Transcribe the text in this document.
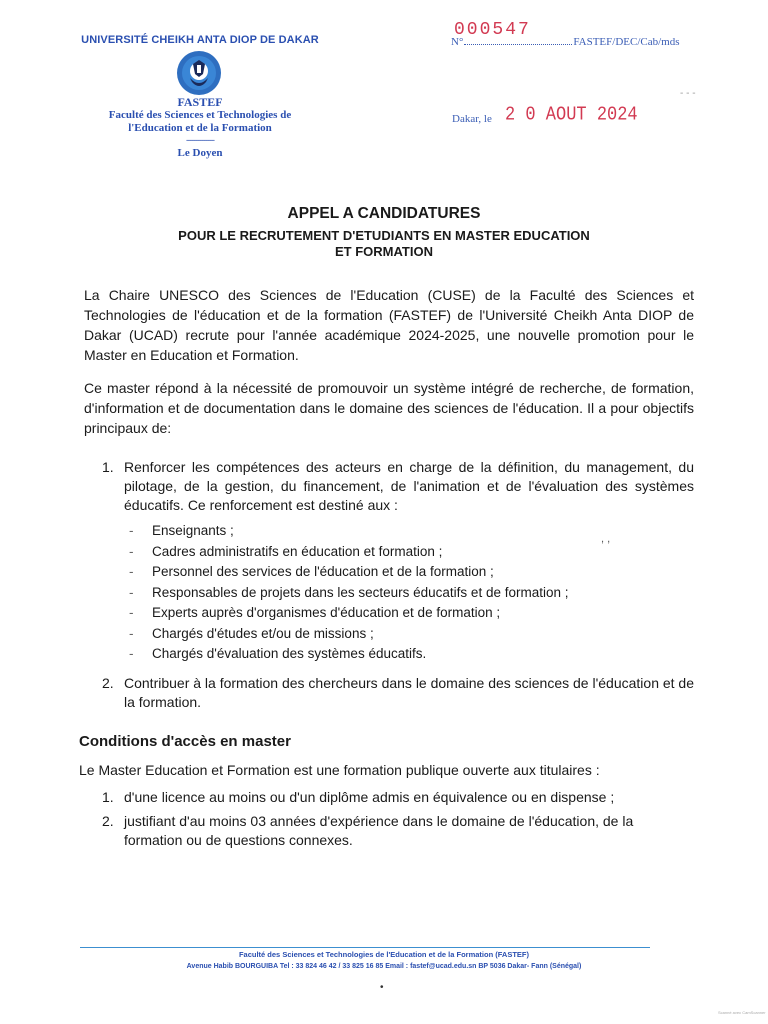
UNIVERSITÉ CHEIKH ANTA DIOP DE DAKAR
FASTEF
Faculté des Sciences et Technologies de
l'Education et de la Formation
--------------
Le Doyen
000547
N°	FASTEF/DEC/Cab/mds
Dakar, le 2 0 AOUT 2024
- - -
APPEL A CANDIDATURES
POUR LE RECRUTEMENT D'ETUDIANTS EN MASTER EDUCATION
ET FORMATION
La Chaire UNESCO des Sciences de l'Education (CUSE) de la Faculté des Sciences et Technologies de l'éducation et de la formation (FASTEF) de l'Université Cheikh Anta DIOP de Dakar (UCAD) recrute pour l'année académique 2024-2025, une nouvelle promotion pour le Master en Education et Formation.
Ce master répond à la nécessité de promouvoir un système intégré de recherche, de formation, d'information et de documentation dans le domaine des sciences de l'éducation. Il a pour objectifs principaux de:
1. Renforcer les compétences des acteurs en charge de la définition, du management, du pilotage, de la gestion, du financement, de l'animation et de l'évaluation des systèmes éducatifs. Ce renforcement est destiné aux :
- Enseignants ;
- Cadres administratifs en éducation et formation ;
- Personnel des services de l'éducation et de la formation ;
- Responsables de projets dans les secteurs éducatifs et de formation ;
- Experts auprès d'organismes d'éducation et de formation ;
- Chargés d'études et/ou de missions ;
- Chargés d'évaluation des systèmes éducatifs.
, ,
2. Contribuer à la formation des chercheurs dans le domaine des sciences de l'éducation et de la formation.
Conditions d'accès en master
Le Master Education et Formation est une formation publique ouverte aux titulaires :
1. d'une licence au moins ou d'un diplôme admis en équivalence ou en dispense ;
2. justifiant d'au moins 03 années d'expérience dans le domaine de l'éducation, de la formation ou de questions connexes.
Faculté des Sciences et Technologies de l'Education et de la Formation (FASTEF)
Avenue Habib BOURGUIBA Tel : 33 824 46 42 / 33 825 16 85 Email : fastef@ucad.edu.sn BP 5036 Dakar- Fann (Sénégal)
•
Scanné avec CamScanner
